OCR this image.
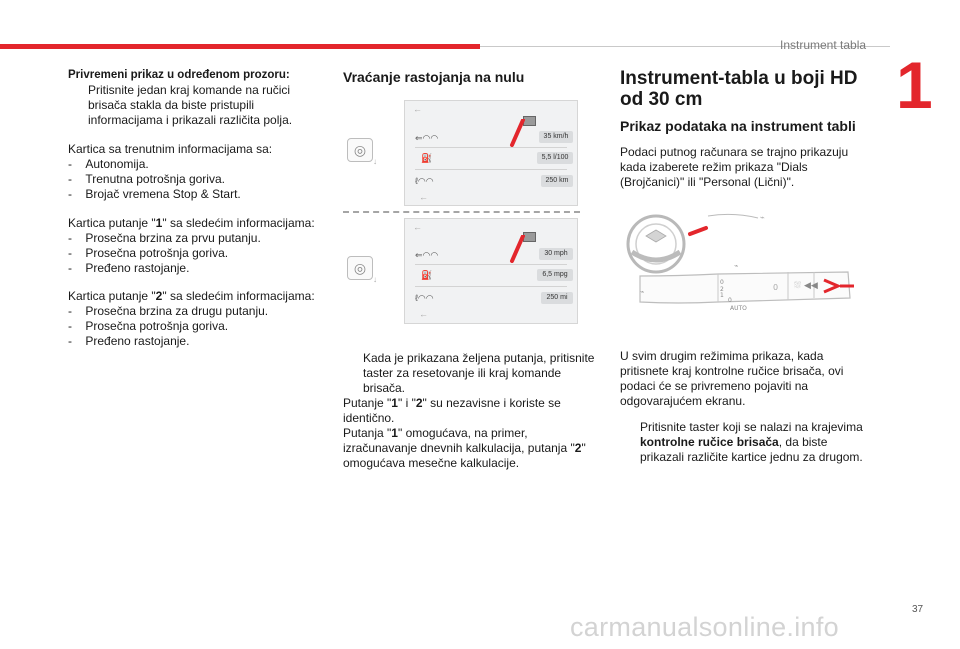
Instrument tabla
1

Privremeni prikaz u određenom prozoru:

Pritisnite jedan kraj komande na ručici brisača stakla da biste pristupili informacijama i prikazali različita polja.

Kartica sa trenutnim informacijama sa:

-    Autonomija.

-    Trenutna potrošnja goriva.

-    Brojač vremena Stop & Start.

Kartica putanje "1" sa sledećim informacijama:

-    Prosečna brzina za prvu putanju.

-    Prosečna potrošnja goriva.

-    Pređeno rastojanje.

Kartica putanje "2" sa sledećim informacijama:

-    Prosečna brzina za drugu putanju.

-    Prosečna potrošnja goriva.

-    Pređeno rastojanje.

Vraćanje rastojanja na nulu
◎
↓
◎
↓
←
⇐◠◠	35 km/h
⛽	5,5 l/100
ℓ◠◠	250 km
←
←
⇐◠◠	30 mph
⛽	6,5 mpg
ℓ◠◠	250 mi
←

Kada je prikazana željena putanja, pritisnite taster za resetovanje ili kraj komande brisača.

Putanje "1" i "2" su nezavisne i koriste se identično.

Putanja "1" omogućava, na primer, izračunavanje dnevnih kalkulacija, putanja "2" omogućava mesečne kalkulacije.

Instrument-tabla u boji HD od 30 cm
Prikaz podataka na instrument tabli
Podaci putnog računara se trajno prikazuju kada izaberete režim prikaza "Dials (Brojčanici)" ili "Personal (Lični)".
⌁
⌁
0
2
1
0
AUTO
0 ⛆ ◀◀
⌁
U svim drugim režimima prikaza, kada pritisnete kraj kontrolne ručice brisača, ovi podaci će se privremeno pojaviti na odgovarajućem ekranu.

Pritisnite taster koji se nalazi na krajevima kontrolne ručice brisača, da biste prikazali različite kartice jednu za drugom.

37
carmanualsonline.info
